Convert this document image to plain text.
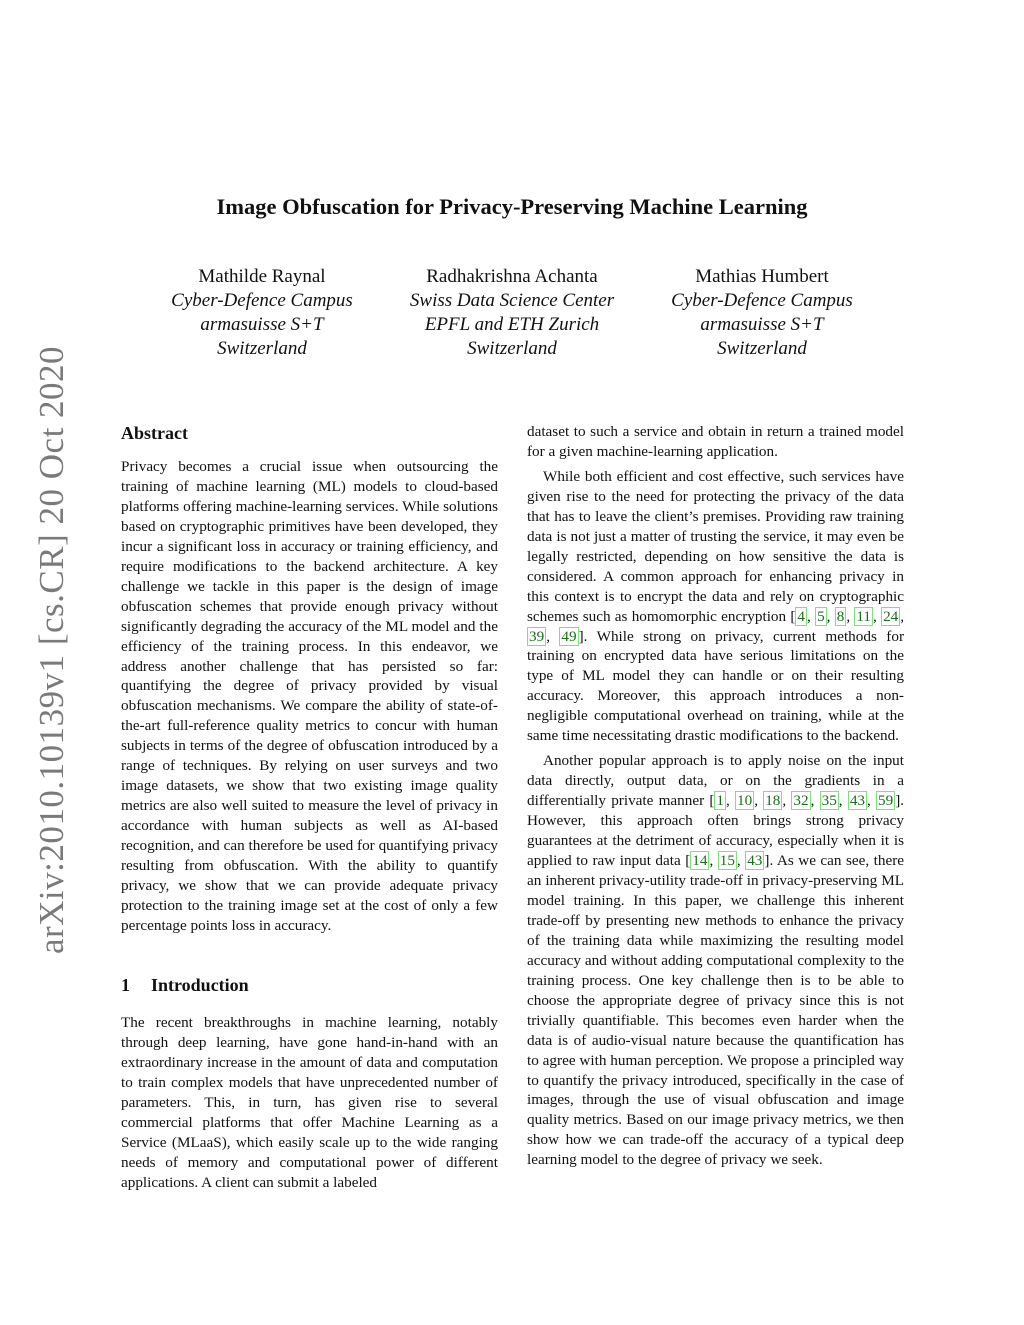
arXiv:2010.10139v1 [cs.CR] 20 Oct 2020
Image Obfuscation for Privacy-Preserving Machine Learning
Mathilde Raynal
Cyber-Defence Campus
armasuisse S+T
Switzerland
Radhakrishna Achanta
Swiss Data Science Center
EPFL and ETH Zurich
Switzerland
Mathias Humbert
Cyber-Defence Campus
armasuisse S+T
Switzerland
Abstract

Privacy becomes a crucial issue when outsourcing the training of machine learning (ML) models to cloud-based platforms offering machine-learning services. While solutions based on cryptographic primitives have been developed, they incur a significant loss in accuracy or training efficiency, and require modifications to the backend architecture. A key challenge we tackle in this paper is the design of image obfuscation schemes that provide enough privacy without significantly degrading the accuracy of the ML model and the efficiency of the training process. In this endeavor, we address another challenge that has persisted so far: quantifying the degree of privacy provided by visual obfuscation mechanisms. We compare the ability of state-of-the-art full-reference quality metrics to concur with human subjects in terms of the degree of obfuscation introduced by a range of techniques. By relying on user surveys and two image datasets, we show that two existing image quality metrics are also well suited to measure the level of privacy in accordance with human subjects as well as AI-based recognition, and can therefore be used for quantifying privacy resulting from obfuscation. With the ability to quantify privacy, we show that we can provide adequate privacy protection to the training image set at the cost of only a few percentage points loss in accuracy.

1 Introduction

The recent breakthroughs in machine learning, notably through deep learning, have gone hand-in-hand with an extraordinary increase in the amount of data and computation to train complex models that have unprecedented number of parameters. This, in turn, has given rise to several commercial platforms that offer Machine Learning as a Service (MLaaS), which easily scale up to the wide ranging needs of memory and computational power of different applications. A client can submit a labeled

dataset to such a service and obtain in return a trained model for a given machine-learning application.

While both efficient and cost effective, such services have given rise to the need for protecting the privacy of the data that has to leave the client’s premises. Providing raw training data is not just a matter of trusting the service, it may even be legally restricted, depending on how sensitive the data is considered. A common approach for enhancing privacy in this context is to encrypt the data and rely on cryptographic schemes such as homomorphic encryption [ 4 , 5 , 8 , 11 , 24 , 39 , 49 ]. While strong on privacy, current methods for training on encrypted data have serious limitations on the type of ML model they can handle or on their resulting accuracy. Moreover, this approach introduces a non-negligible computational overhead on training, while at the same time necessitating drastic modifications to the backend.

Another popular approach is to apply noise on the input data directly, output data, or on the gradients in a differentially private manner [ 1 , 10 , 18 , 32 , 35 , 43 , 59 ]. However, this approach often brings strong privacy guarantees at the detriment of accuracy, especially when it is applied to raw input data [ 14 , 15 , 43 ]. As we can see, there an inherent privacy-utility trade-off in privacy-preserving ML model training. In this paper, we challenge this inherent trade-off by presenting new methods to enhance the privacy of the training data while maximizing the resulting model accuracy and without adding computational complexity to the training process. One key challenge then is to be able to choose the appropriate degree of privacy since this is not trivially quantifiable. This becomes even harder when the data is of audio-visual nature because the quantification has to agree with human perception. We propose a principled way to quantify the privacy introduced, specifically in the case of images, through the use of visual obfuscation and image quality metrics. Based on our image privacy metrics, we then show how we can trade-off the accuracy of a typical deep learning model to the degree of privacy we seek.
